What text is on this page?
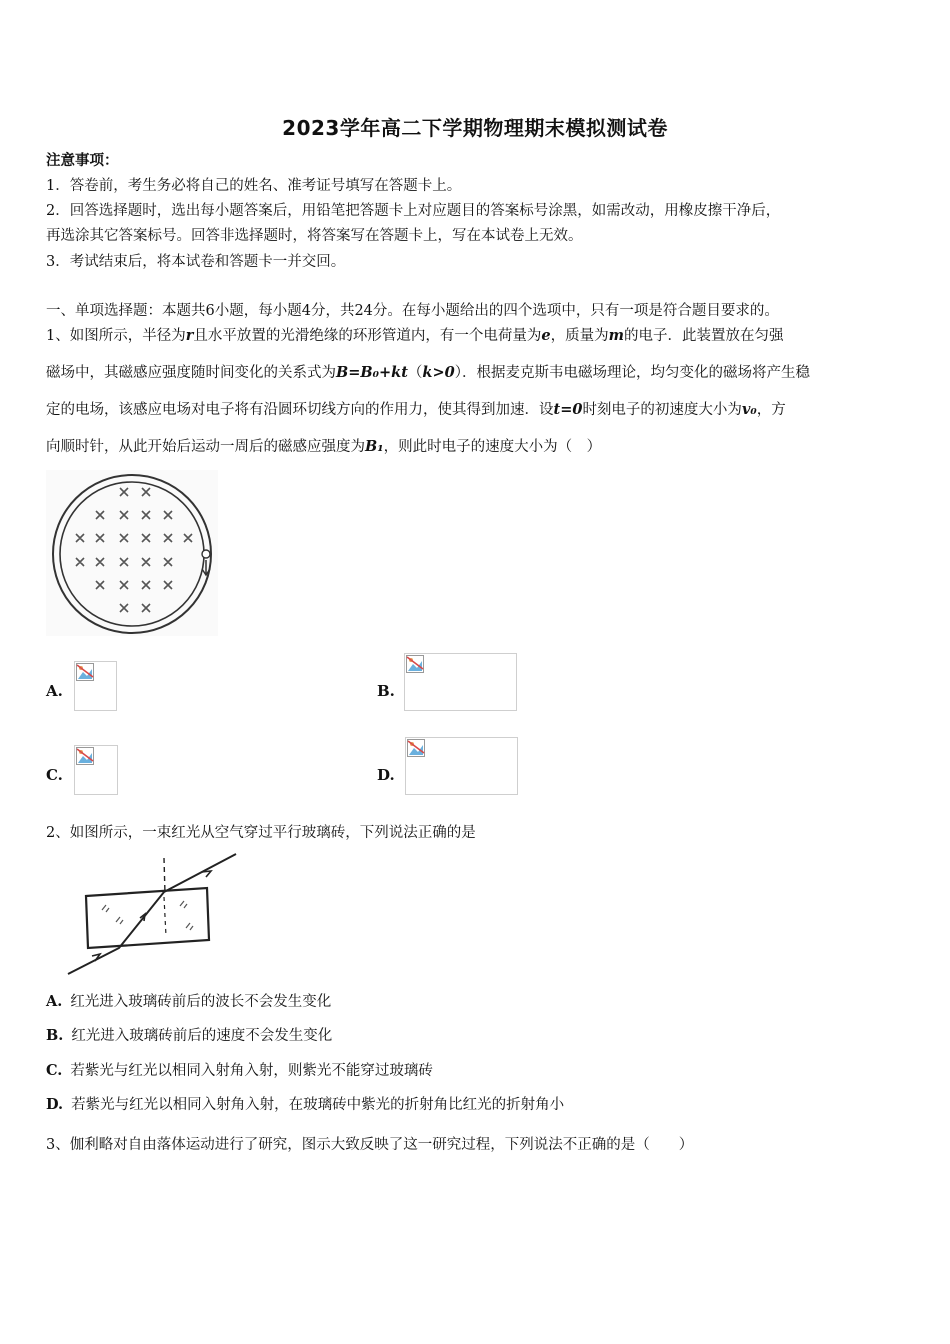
2023学年高二下学期物理期末模拟测试卷
注意事项：
1．答卷前，考生务必将自己的姓名、准考证号填写在答题卡上。
2．回答选择题时，选出每小题答案后，用铅笔把答题卡上对应题目的答案标号涂黑，如需改动，用橡皮擦干净后，
再选涂其它答案标号。回答非选择题时，将答案写在答题卡上，写在本试卷上无效。
3．考试结束后，将本试卷和答题卡一并交回。
一、单项选择题：本题共6小题，每小题4分，共24分。在每小题给出的四个选项中，只有一项是符合题目要求的。
1、如图所示，半径为r且水平放置的光滑绝缘的环形管道内，有一个电荷量为e，质量为m的电子．此装置放在匀强
磁场中，其磁感应强度随时间变化的关系式为B=B₀+kt（k>0）．根据麦克斯韦电磁场理论，均匀变化的磁场将产生稳
定的电场，该感应电场对电子将有沿圆环切线方向的作用力，使其得到加速．设t=0时刻电子的初速度大小为v₀，方
向顺时针，从此开始后运动一周后的磁感应强度为B₁，则此时电子的速度大小为（　）
A.	B.
C.	D.
2、如图所示，一束红光从空气穿过平行玻璃砖，下列说法正确的是
A. 红光进入玻璃砖前后的波长不会发生变化
B. 红光进入玻璃砖前后的速度不会发生变化
C. 若紫光与红光以相同入射角入射，则紫光不能穿过玻璃砖
D. 若紫光与红光以相同入射角入射，在玻璃砖中紫光的折射角比红光的折射角小
3、伽利略对自由落体运动进行了研究，图示大致反映了这一研究过程，下列说法不正确的是（　　）
